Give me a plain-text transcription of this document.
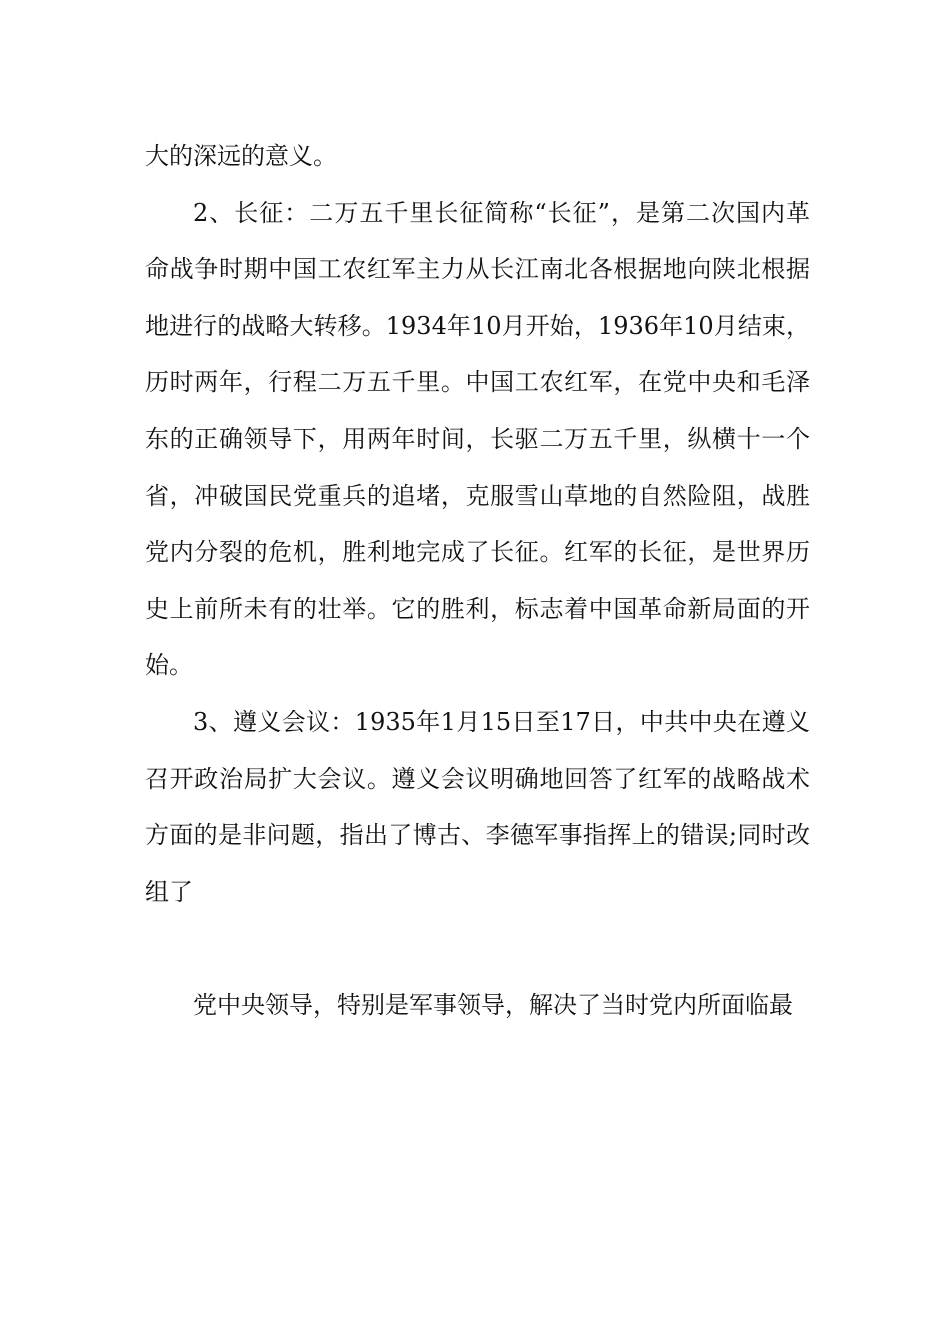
大的深远的意义。
2、长征：二万五千里长征简称“长征”，是第二次国内革
命战争时期中国工农红军主力从长江南北各根据地向陕北根据
地进行的战略大转移。1934年10月开始，1936年10月结束，
历时两年，行程二万五千里。中国工农红军，在党中央和毛泽
东的正确领导下，用两年时间，长驱二万五千里，纵横十一个
省，冲破国民党重兵的追堵，克服雪山草地的自然险阻，战胜
党内分裂的危机，胜利地完成了长征。红军的长征，是世界历
史上前所未有的壮举。它的胜利，标志着中国革命新局面的开
始。
3、遵义会议：1935年1月15日至17日，中共中央在遵义
召开政治局扩大会议。遵义会议明确地回答了红军的战略战术
方面的是非问题，指出了博古、李德军事指挥上的错误;同时改
组了
党中央领导，特别是军事领导，解决了当时党内所面临最
